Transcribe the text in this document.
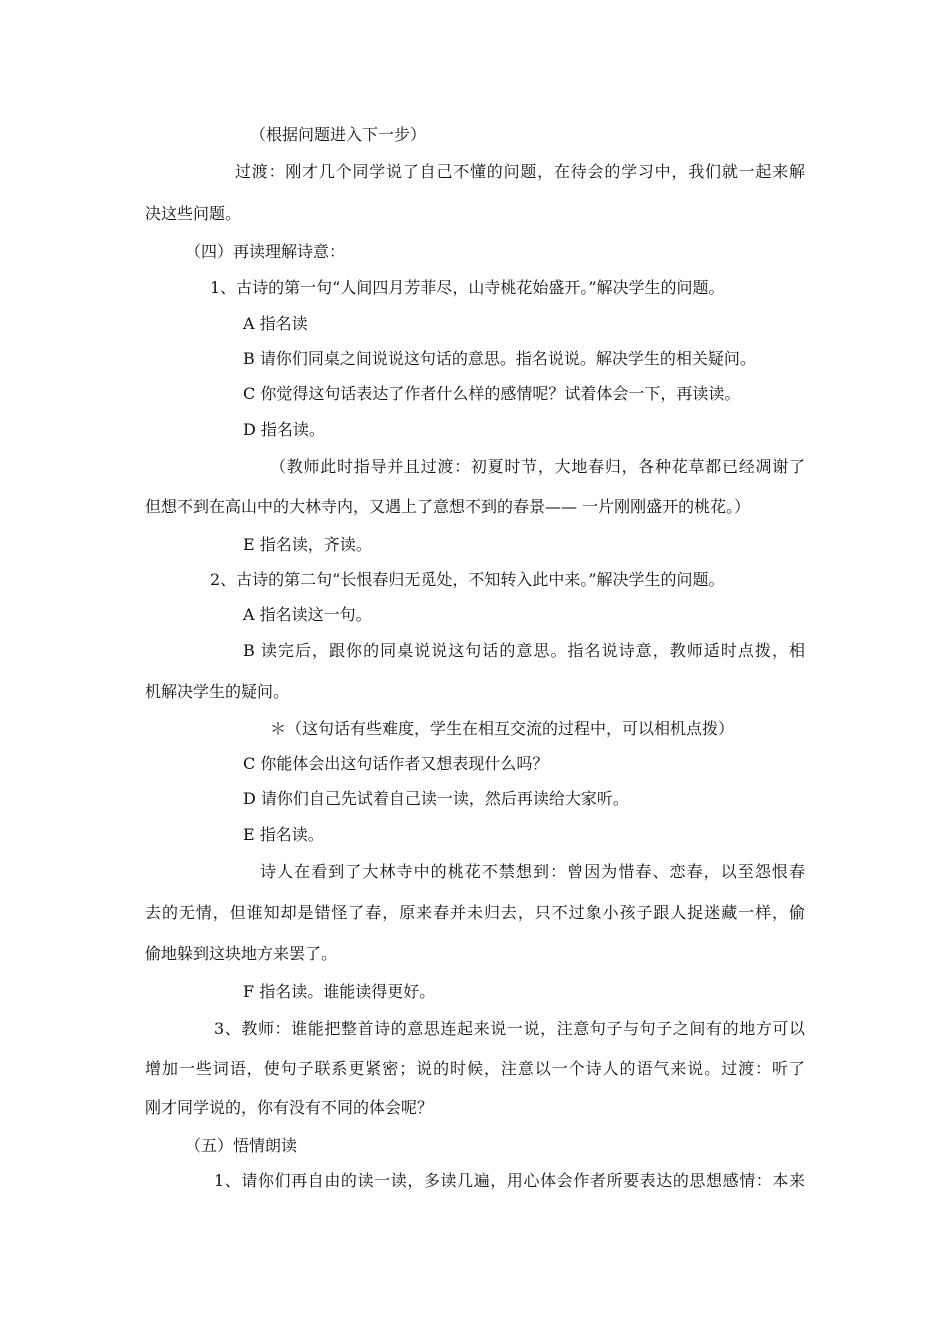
（根据问题进入下一步）
过渡：刚才几个同学说了自己不懂的问题，在待会的学习中，我们就一起来解
决这些问题。
（四）再读理解诗意：
1、古诗的第一句“人间四月芳菲尽，山寺桃花始盛开。”解决学生的问题。
A 指名读
B 请你们同桌之间说说这句话的意思。指名说说。解决学生的相关疑问。
C 你觉得这句话表达了作者什么样的感情呢？试着体会一下，再读读。
D 指名读。
（教师此时指导并且过渡：初夏时节，大地春归，各种花草都已经凋谢了
但想不到在高山中的大林寺内，又遇上了意想不到的春景—— 一片刚刚盛开的桃花。）
E 指名读，齐读。
2、古诗的第二句“长恨春归无觅处，不知转入此中来。”解决学生的问题。
A 指名读这一句。
B 读完后，跟你的同桌说说这句话的意思。指名说诗意，教师适时点拨，相
机解决学生的疑问。
＊（这句话有些难度，学生在相互交流的过程中，可以相机点拨）
C 你能体会出这句话作者又想表现什么吗？
D 请你们自己先试着自己读一读，然后再读给大家听。
E 指名读。
诗人在看到了大林寺中的桃花不禁想到：曾因为惜春、恋春，以至怨恨春
去的无情，但谁知却是错怪了春，原来春并未归去，只不过象小孩子跟人捉迷藏一样，偷
偷地躲到这块地方来罢了。
F 指名读。谁能读得更好。
3、教师：谁能把整首诗的意思连起来说一说，注意句子与句子之间有的地方可以
增加一些词语，使句子联系更紧密；说的时候，注意以一个诗人的语气来说。过渡：听了
刚才同学说的，你有没有不同的体会呢？
（五）悟情朗读
1、请你们再自由的读一读，多读几遍，用心体会作者所要表达的思想感情：本来
